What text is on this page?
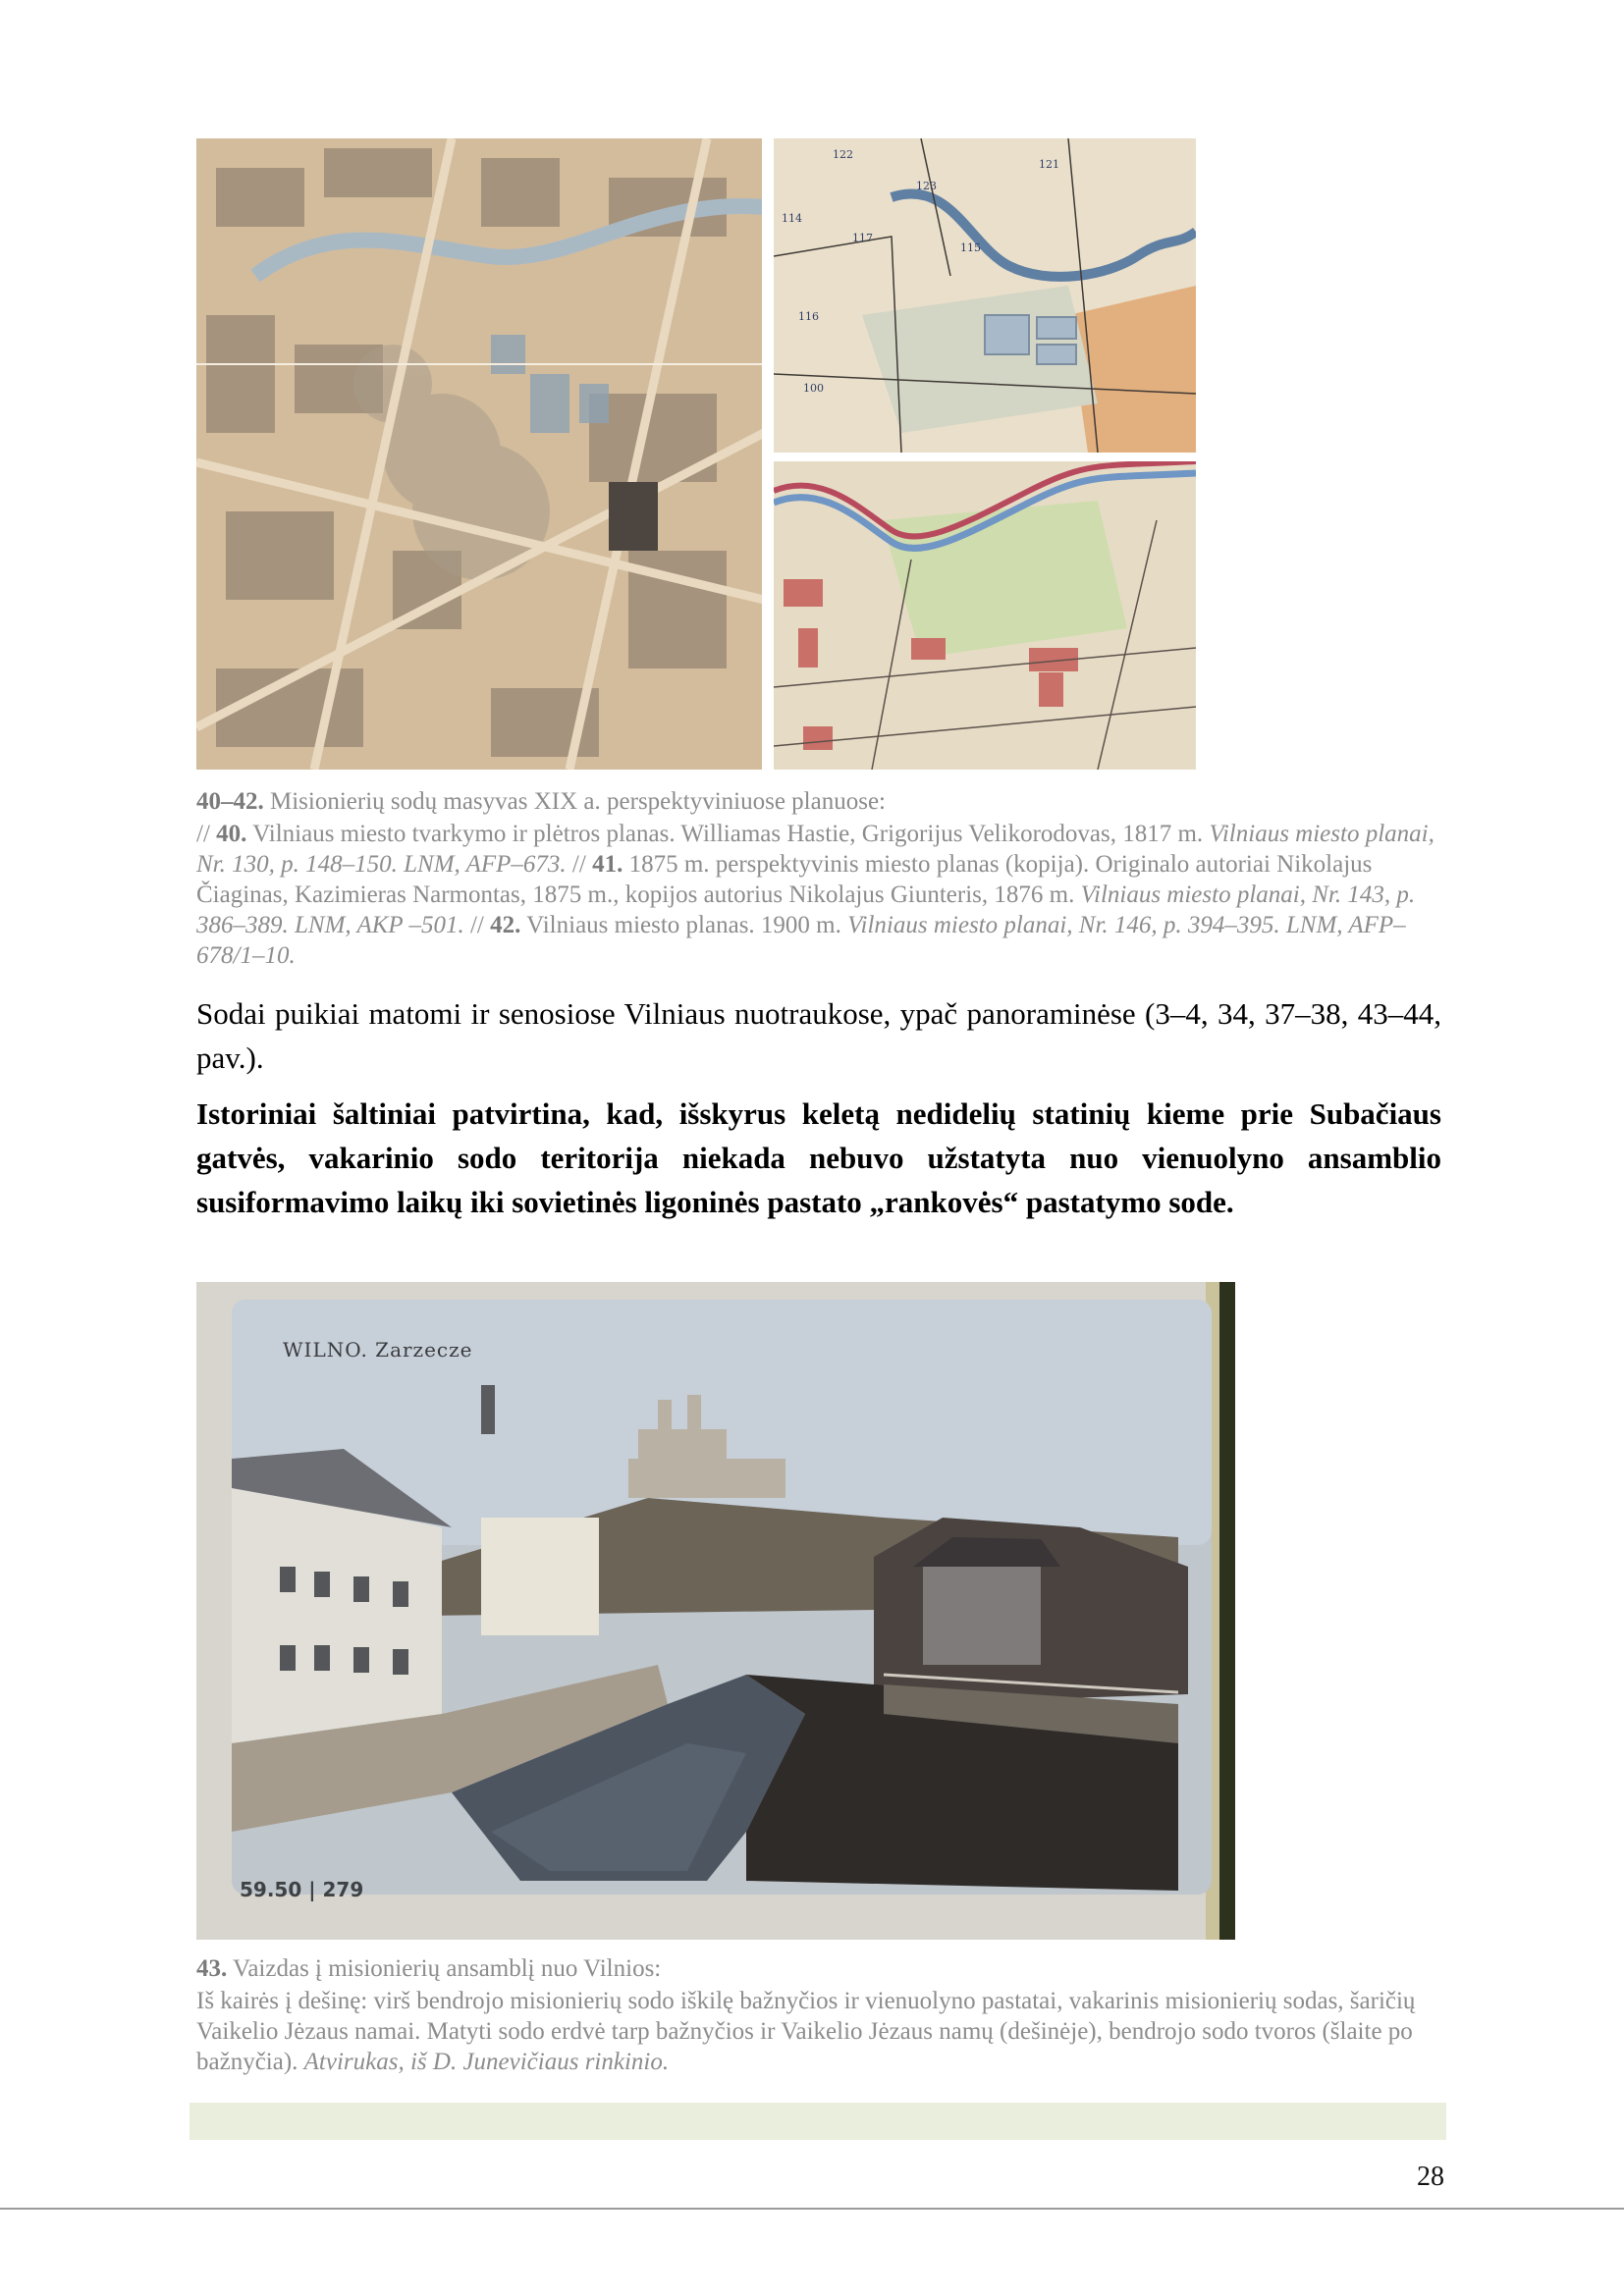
122
123
121
114
117
115
116
100
40–42. Misionierių sodų masyvas XIX a. perspektyviniuose planuose:
// 40. Vilniaus miesto tvarkymo ir plėtros planas. Williamas Hastie, Grigorijus Velikorodovas, 1817 m. Vilniaus miesto planai, Nr. 130, p. 148–150. LNM, AFP–673. // 41. 1875 m. perspektyvinis miesto planas (kopija). Originalo autoriai Nikolajus Čiaginas, Kazimieras Narmontas, 1875 m., kopijos autorius Nikolajus Giunteris, 1876 m. Vilniaus miesto planai, Nr. 143, p. 386–389. LNM, AKP –501. // 42. Vilniaus miesto planas. 1900 m. Vilniaus miesto planai, Nr. 146, p. 394–395. LNM, AFP–678/1–10.

Sodai puikiai matomi ir senosiose Vilniaus nuotraukose, ypač panoraminėse (3–4, 34, 37–38, 43–44, pav.).

Istoriniai šaltiniai patvirtina, kad, išskyrus keletą nedidelių statinių kieme prie Subačiaus gatvės, vakarinio sodo teritorija niekada nebuvo užstatyta nuo vienuolyno ansamblio susiformavimo laikų iki sovietinės ligoninės pastato „rankovės“ pastatymo sode.

WILNO. Zarzecze
59.50 | 279
43. Vaizdas į misionierių ansamblį nuo Vilnios:
Iš kairės į dešinę: virš bendrojo misionierių sodo iškilę bažnyčios ir vienuolyno pastatai, vakarinis misionierių sodas, šaričių Vaikelio Jėzaus namai. Matyti sodo erdvė tarp bažnyčios ir Vaikelio Jėzaus namų (dešinėje), bendrojo sodo tvoros (šlaite po bažnyčia). Atvirukas, iš D. Junevičiaus rinkinio.
28
